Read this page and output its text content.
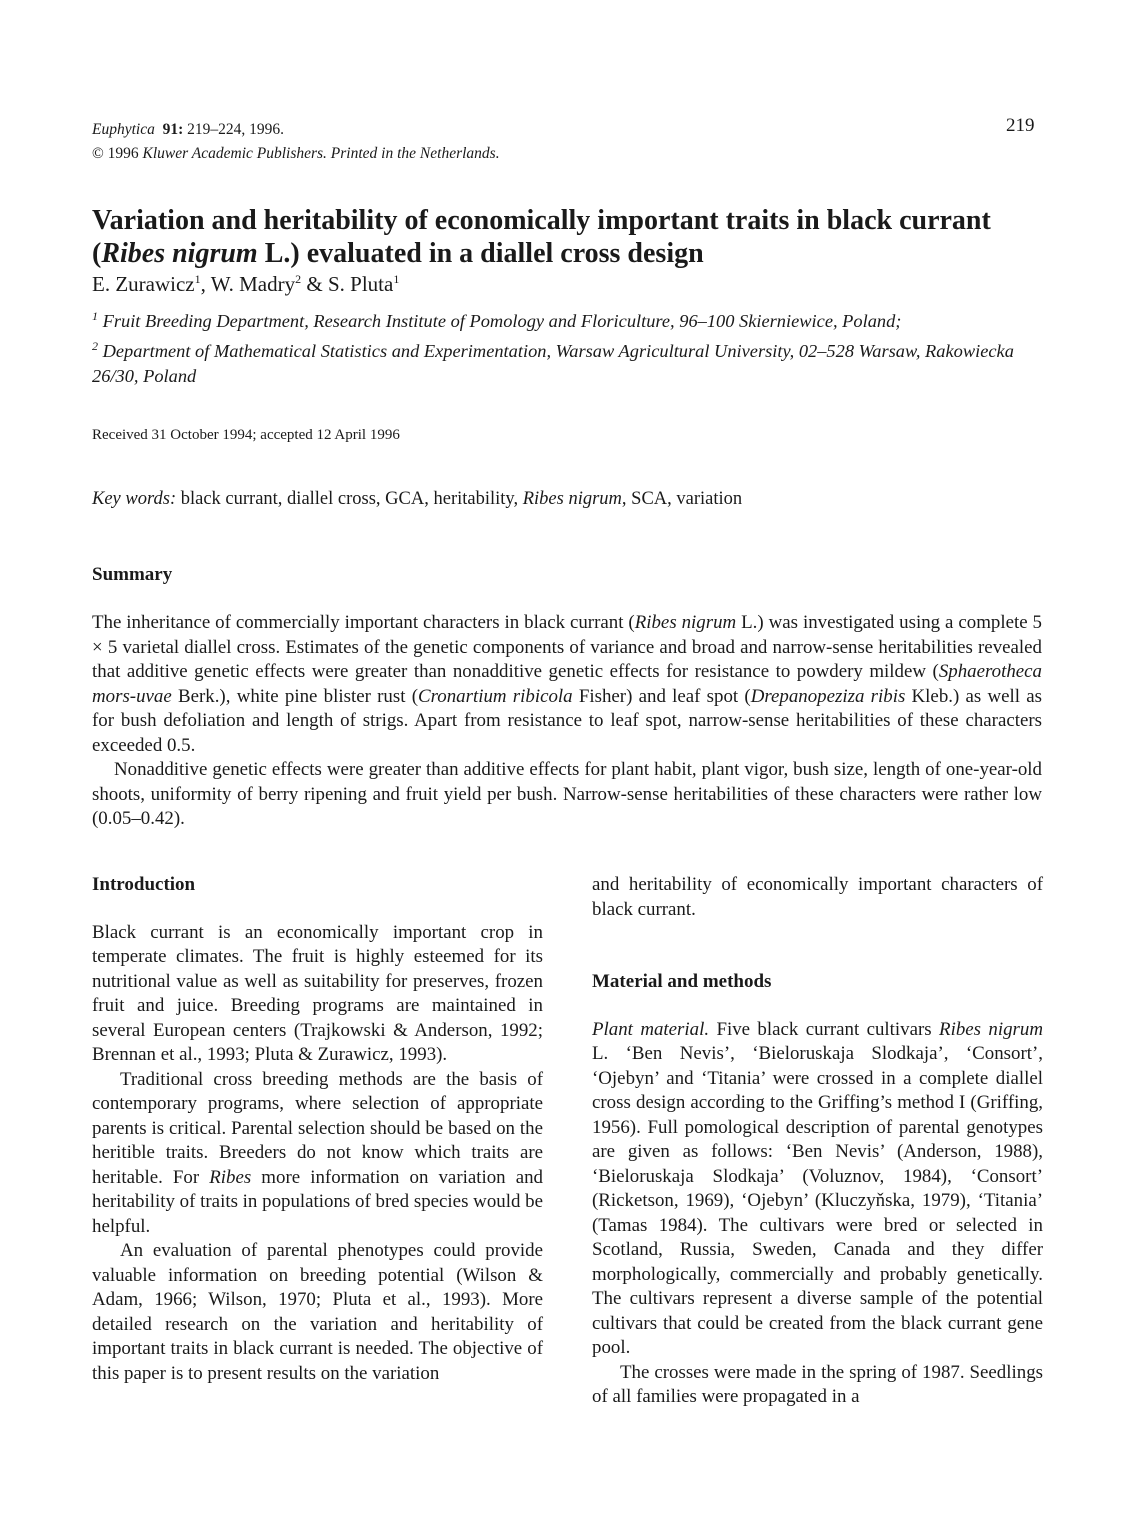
Euphytica 91: 219–224, 1996.
© 1996 Kluwer Academic Publishers. Printed in the Netherlands.
219
Variation and heritability of economically important traits in black currant
(Ribes nigrum L.) evaluated in a diallel cross design
E. Zurawicz$^1$, W. Madry$^2$ & S. Pluta$^1$

$^1$ Fruit Breeding Department, Research Institute of Pomology and Floriculture, 96–100 Skierniewice, Poland;

$^2$ Department of Mathematical Statistics and Experimentation, Warsaw Agricultural University, 02–528 Warsaw, Rakowiecka 26/30, Poland

Received 31 October 1994; accepted 12 April 1996
Key words: black currant, diallel cross, GCA, heritability, Ribes nigrum, SCA, variation
Summary

The inheritance of commercially important characters in black currant (Ribes nigrum L.) was investigated using a complete 5 × 5 varietal diallel cross. Estimates of the genetic components of variance and broad and narrow-sense heritabilities revealed that additive genetic effects were greater than nonadditive genetic effects for resistance to powdery mildew (Sphaerotheca mors-uvae Berk.), white pine blister rust (Cronartium ribicola Fisher) and leaf spot (Drepanopeziza ribis Kleb.) as well as for bush defoliation and length of strigs. Apart from resistance to leaf spot, narrow-sense heritabilities of these characters exceeded 0.5.

Nonadditive genetic effects were greater than additive effects for plant habit, plant vigor, bush size, length of one-year-old shoots, uniformity of berry ripening and fruit yield per bush. Narrow-sense heritabilities of these characters were rather low (0.05–0.42).

Introduction

Black currant is an economically important crop in temperate climates. The fruit is highly esteemed for its nutritional value as well as suitability for preserves, frozen fruit and juice. Breeding programs are maintained in several European centers (Trajkowski & Anderson, 1992; Brennan et al., 1993; Pluta & Zurawicz, 1993).

Traditional cross breeding methods are the basis of contemporary programs, where selection of appropriate parents is critical. Parental selection should be based on the heritible traits. Breeders do not know which traits are heritable. For Ribes more information on variation and heritability of traits in populations of bred species would be helpful.

An evaluation of parental phenotypes could provide valuable information on breeding potential (Wilson & Adam, 1966; Wilson, 1970; Pluta et al., 1993). More detailed research on the variation and heritability of important traits in black currant is needed. The objective of this paper is to present results on the variation

and heritability of economically important characters of black currant.

Material and methods

Plant material. Five black currant cultivars Ribes nigrum L. ‘Ben Nevis’, ‘Bieloruskaja Slodkaja’, ‘Consort’, ‘Ojebyn’ and ‘Titania’ were crossed in a complete diallel cross design according to the Griffing’s method I (Griffing, 1956). Full pomological description of parental genotypes are given as follows: ‘Ben Nevis’ (Anderson, 1988), ‘Bieloruskaja Slodkaja’ (Voluznov, 1984), ‘Consort’ (Ricketson, 1969), ‘Ojebyn’ (Kluczyňska, 1979), ‘Titania’ (Tamas 1984). The cultivars were bred or selected in Scotland, Russia, Sweden, Canada and they differ morphologically, commercially and probably genetically. The cultivars represent a diverse sample of the potential cultivars that could be created from the black currant gene pool.

The crosses were made in the spring of 1987. Seedlings of all families were propagated in a
